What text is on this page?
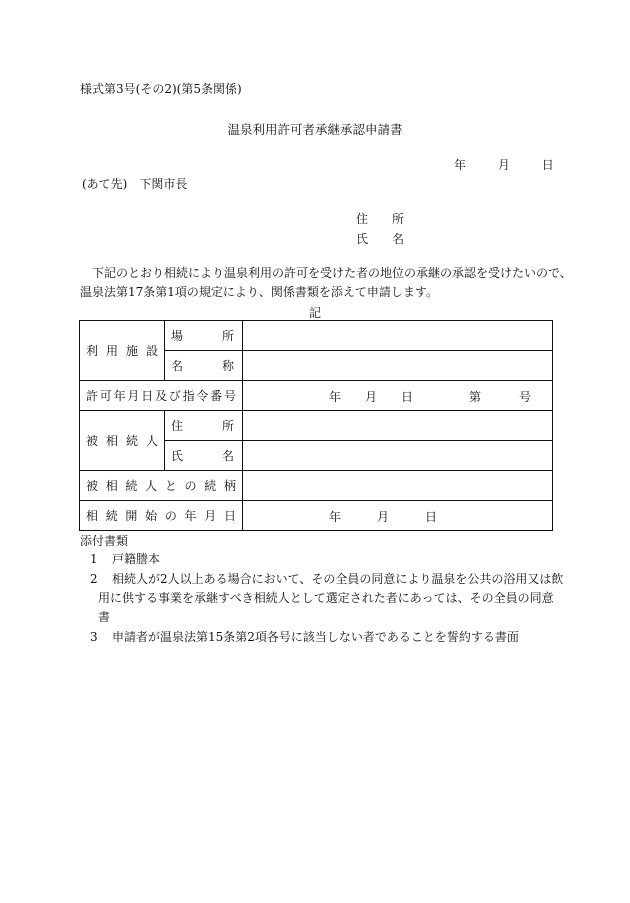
様式第3号(その2)(第5条関係)
温泉利用許可者承継承認申請書
年	月	日
(あて先)　下関市長
住　　所
氏　　名
下記のとおり相続により温泉利用の許可を受けた者の地位の承継の承認を受けたいので、
温泉法第17条第1項の規定により、関係書類を添えて申請します。
記
利用施設	場所	
	名称	
許可年月日及び指令番号		年 月 日 第 号

被相続人	住所	
	氏名	
被相続人との続柄		
相続開始の年月日		年 月 日
添付書類
1 戸籍謄本
2 相続人が2人以上ある場合において、その全員の同意により温泉を公共の浴用又は飲
用に供する事業を承継すべき相続人として選定された者にあっては、その全員の同意
書
3 申請者が温泉法第15条第2項各号に該当しない者であることを誓約する書面
